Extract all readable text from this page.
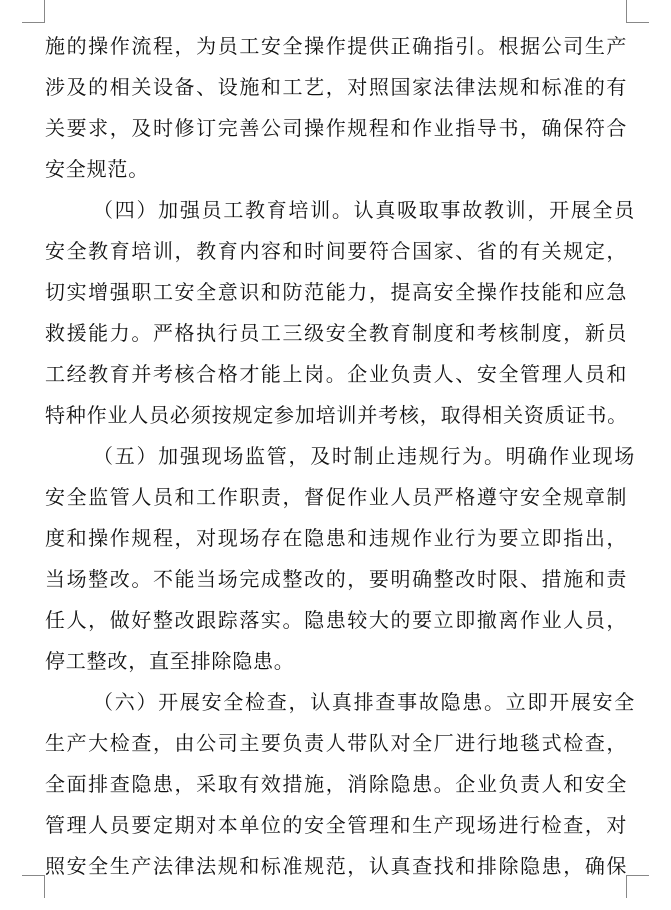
施的操作流程，为员工安全操作提供正确指引。根据公司生产
涉及的相关设备、设施和工艺，对照国家法律法规和标准的有
关要求，及时修订完善公司操作规程和作业指导书，确保符合
安全规范。
（四）加强员工教育培训。认真吸取事故教训，开展全员
安全教育培训，教育内容和时间要符合国家、省的有关规定，
切实增强职工安全意识和防范能力，提高安全操作技能和应急
救援能力。严格执行员工三级安全教育制度和考核制度，新员
工经教育并考核合格才能上岗。企业负责人、安全管理人员和
特种作业人员必须按规定参加培训并考核，取得相关资质证书。
（五）加强现场监管，及时制止违规行为。明确作业现场
安全监管人员和工作职责，督促作业人员严格遵守安全规章制
度和操作规程，对现场存在隐患和违规作业行为要立即指出，
当场整改。不能当场完成整改的，要明确整改时限、措施和责
任人，做好整改跟踪落实。隐患较大的要立即撤离作业人员，
停工整改，直至排除隐患。
（六）开展安全检查，认真排查事故隐患。立即开展安全
生产大检查，由公司主要负责人带队对全厂进行地毯式检查，
全面排查隐患，采取有效措施，消除隐患。企业负责人和安全
管理人员要定期对本单位的安全管理和生产现场进行检查，对
照安全生产法律法规和标准规范，认真查找和排除隐患，确保
